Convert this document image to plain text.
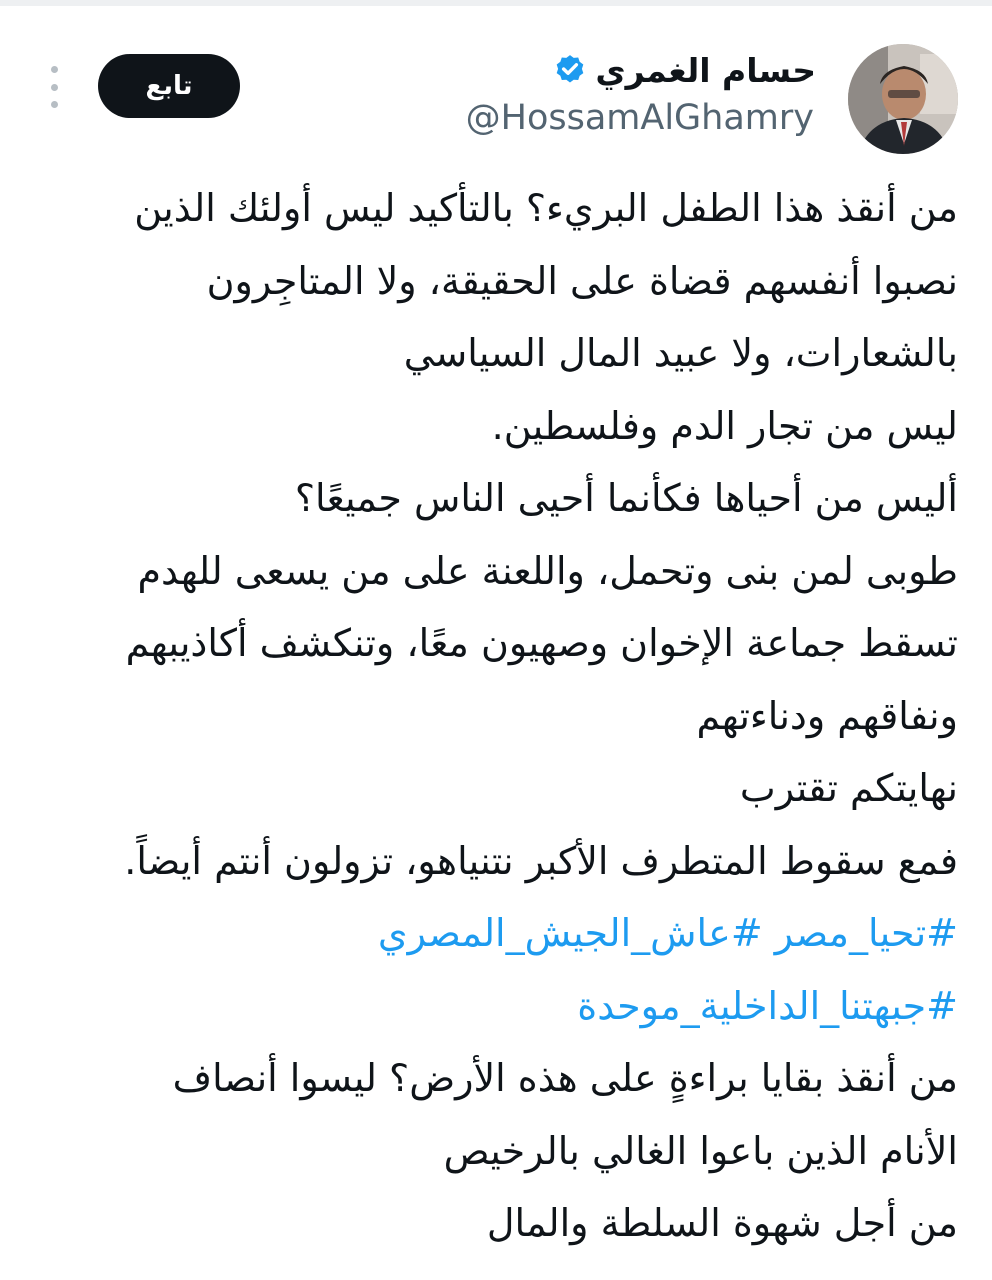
حسام الغمري
@HossamAlGhamry
تابع
من أنقذ هذا الطفل البريء؟ بالتأكيد ليس أولئك الذين
نصبوا أنفسهم قضاة على الحقيقة، ولا المتاجِرون
بالشعارات، ولا عبيد المال السياسي
ليس من تجار الدم وفلسطين.
أليس من أحياها فكأنما أحيى الناس جميعًا؟
طوبى لمن بنى وتحمل، واللعنة على من يسعى للهدم
تسقط جماعة الإخوان وصهيون معًا، وتنكشف أكاذيبهم
ونفاقهم ودناءتهم
نهايتكم تقترب
فمع سقوط المتطرف الأكبر نتنياهو، تزولون أنتم أيضاً.
#تحيا_مصر #عاش_الجيش_المصري
#جبهتنا_الداخلية_موحدة
من أنقذ بقايا براءةٍ على هذه الأرض؟ ليسوا أنصاف
الأنام الذين باعوا الغالي بالرخيص
من أجل شهوة السلطة والمال
